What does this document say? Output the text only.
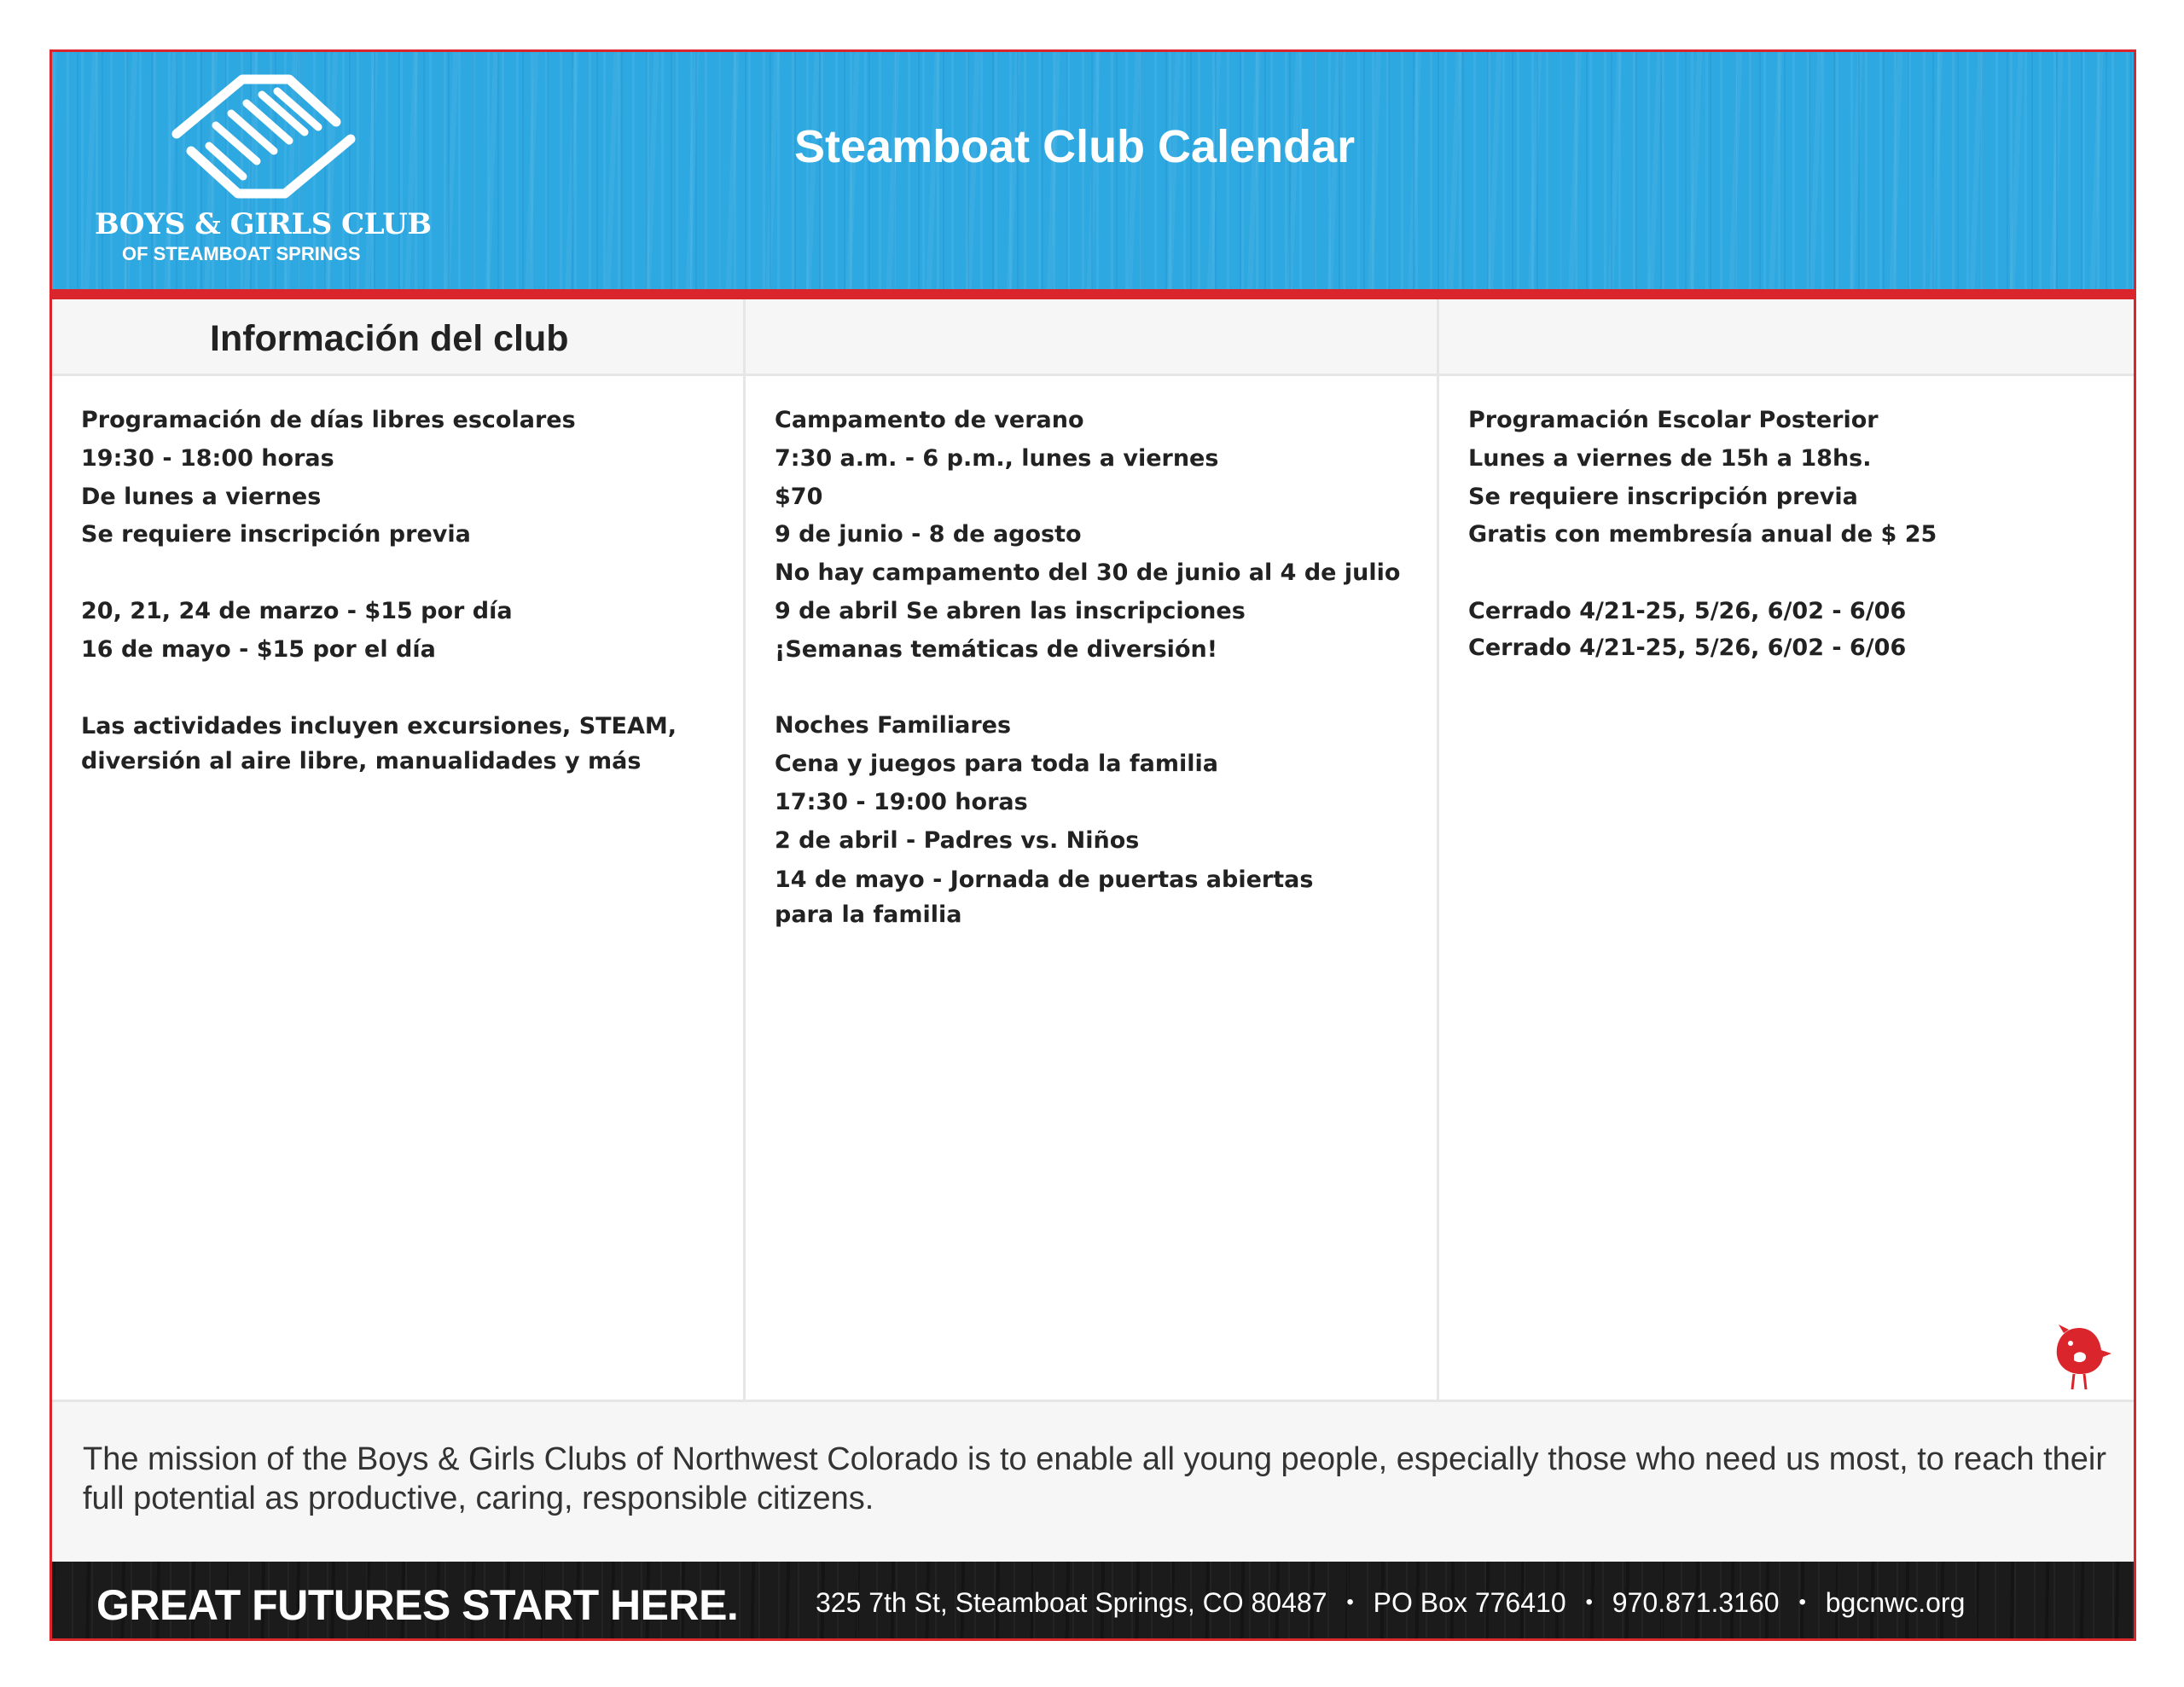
BOYS & GIRLS CLUB
OF STEAMBOAT SPRINGS
Steamboat Club Calendar
Información del club
Programación de días libres escolares
19:30 - 18:00 horas
De lunes a viernes
Se requiere inscripción previa
20, 21, 24 de marzo - $15 por día
16 de mayo - $15 por el día
Las actividades incluyen excursiones, STEAM, diversión al aire libre, manualidades y más
Campamento de verano
7:30 a.m. - 6 p.m., lunes a viernes
$70
9 de junio - 8 de agosto
No hay campamento del 30 de junio al 4 de julio
9 de abril Se abren las inscripciones
¡Semanas temáticas de diversión!
Noches Familiares
Cena y juegos para toda la familia
17:30 - 19:00 horas
2 de abril - Padres vs. Niños
14 de mayo - Jornada de puertas abiertas para la familia
Programación Escolar Posterior
Lunes a viernes de 15h a 18hs.
Se requiere inscripción previa
Gratis con membresía anual de $ 25
Cerrado 4/21-25, 5/26, 6/02 - 6/06
Cerrado 4/21-25, 5/26, 6/02 - 6/06
The mission of the Boys & Girls Clubs of Northwest Colorado is to enable all young people, especially those who need us most, to reach their full potential as productive, caring, responsible citizens.
GREAT FUTURES START HERE.	325 7th St, Steamboat Springs, CO 80487 • PO Box 776410 • 970.871.3160 • bgcnwc.org
